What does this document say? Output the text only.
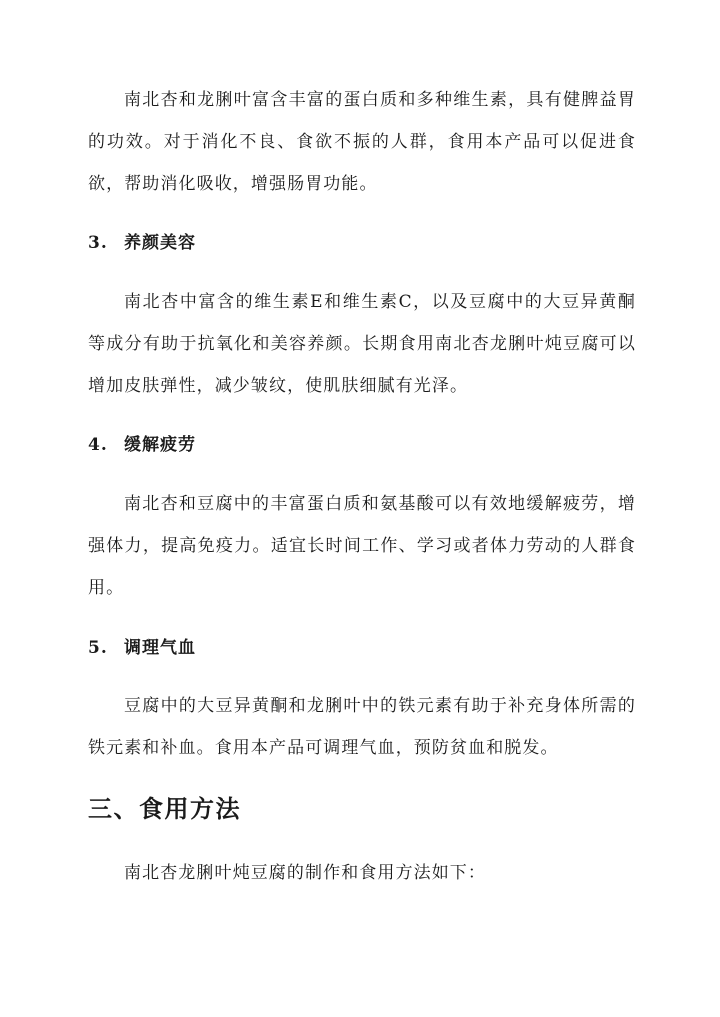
南北杏和龙脷叶富含丰富的蛋白质和多种维生素，具有健脾益胃的功效。对于消化不良、食欲不振的人群，食用本产品可以促进食欲，帮助消化吸收，增强肠胃功能。

3. 养颜美容

南北杏中富含的维生素E和维生素C，以及豆腐中的大豆异黄酮等成分有助于抗氧化和美容养颜。长期食用南北杏龙脷叶炖豆腐可以增加皮肤弹性，减少皱纹，使肌肤细腻有光泽。

4. 缓解疲劳

南北杏和豆腐中的丰富蛋白质和氨基酸可以有效地缓解疲劳，增强体力，提高免疫力。适宜长时间工作、学习或者体力劳动的人群食用。

5. 调理气血

豆腐中的大豆异黄酮和龙脷叶中的铁元素有助于补充身体所需的铁元素和补血。食用本产品可调理气血，预防贫血和脱发。

三、食用方法

南北杏龙脷叶炖豆腐的制作和食用方法如下：
